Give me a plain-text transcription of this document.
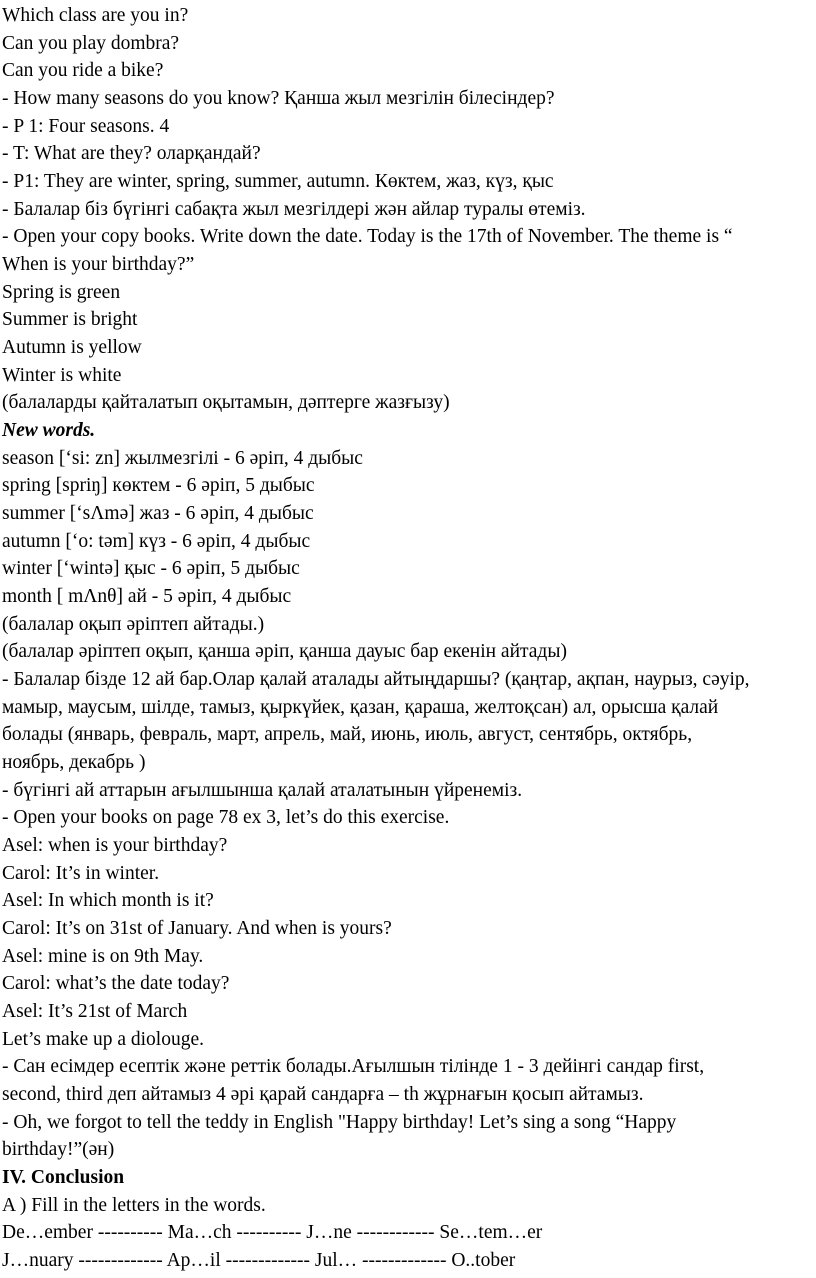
Which class are you in?
Can you play dombra?
Can you ride a bike?
- How many seasons do you know? Қанша жыл мезгілін білесіндер?
- P 1: Four seasons. 4
- T: What are they? оларқандай?
- P1: They are winter, spring, summer, autumn. Көктем, жаз, күз, қыс
- Балалар біз бүгінгі сабақта жыл мезгілдері жән айлар туралы өтеміз.
- Open your copy books. Write down the date. Today is the 17th of November. The theme is “
When is your birthday?”
Spring is green
Summer is bright
Autumn is yellow
Winter is white
(балаларды қайталатып оқытамын, дәптерге жазғызу)
New words.
season [‘si: zn] жылмезгілі - 6 әріп, 4 дыбыс
spring [spriŋ] көктем - 6 әріп, 5 дыбыс
summer [‘sΛmə] жаз - 6 әріп, 4 дыбыс
autumn [‘o: təm] күз - 6 әріп, 4 дыбыс
winter [‘wintə] қыс - 6 әріп, 5 дыбыс
month [ mΛnθ] ай - 5 әріп, 4 дыбыс
(балалар оқып әріптеп айтады.)
(балалар әріптеп оқып, қанша әріп, қанша дауыс бар екенін айтады)
- Балалар бізде 12 ай бар.Олар қалай аталады айтыңдаршы? (қаңтар, ақпан, наурыз, сәуір,
мамыр, маусым, шілде, тамыз, қыркүйек, қазан, қараша, желтоқсан) ал, орысша қалай
болады (январь, февраль, март, апрель, май, июнь, июль, август, сентябрь, октябрь,
ноябрь, декабрь )
- бүгінгі ай аттарын ағылшынша қалай аталатынын үйренеміз.
- Open your books on page 78 ex 3, let’s do this exercise.
Asel: when is your birthday?
Carol: It’s in winter.
Asel: In which month is it?
Carol: It’s on 31st of January. And when is yours?
Asel: mine is on 9th May.
Carol: what’s the date today?
Asel: It’s 21st of March
Let’s make up a diolouge.
- Сан есімдер есептік және реттік болады.Ағылшын тілінде 1 - 3 дейінгі сандар first,
second, third деп айтамыз 4 әрі қарай сандарға – th жұрнағын қосып айтамыз.
- Oh, we forgot to tell the teddy in English "Happy birthday! Let’s sing a song “Happy
birthday!”(ән)
IV. Conclusion
A ) Fill in the letters in the words.
De…ember ---------- Ma…ch ---------- J…ne ------------ Se…tem…er
J…nuary ------------- Ap…il ------------- Jul… ------------- O..tober
